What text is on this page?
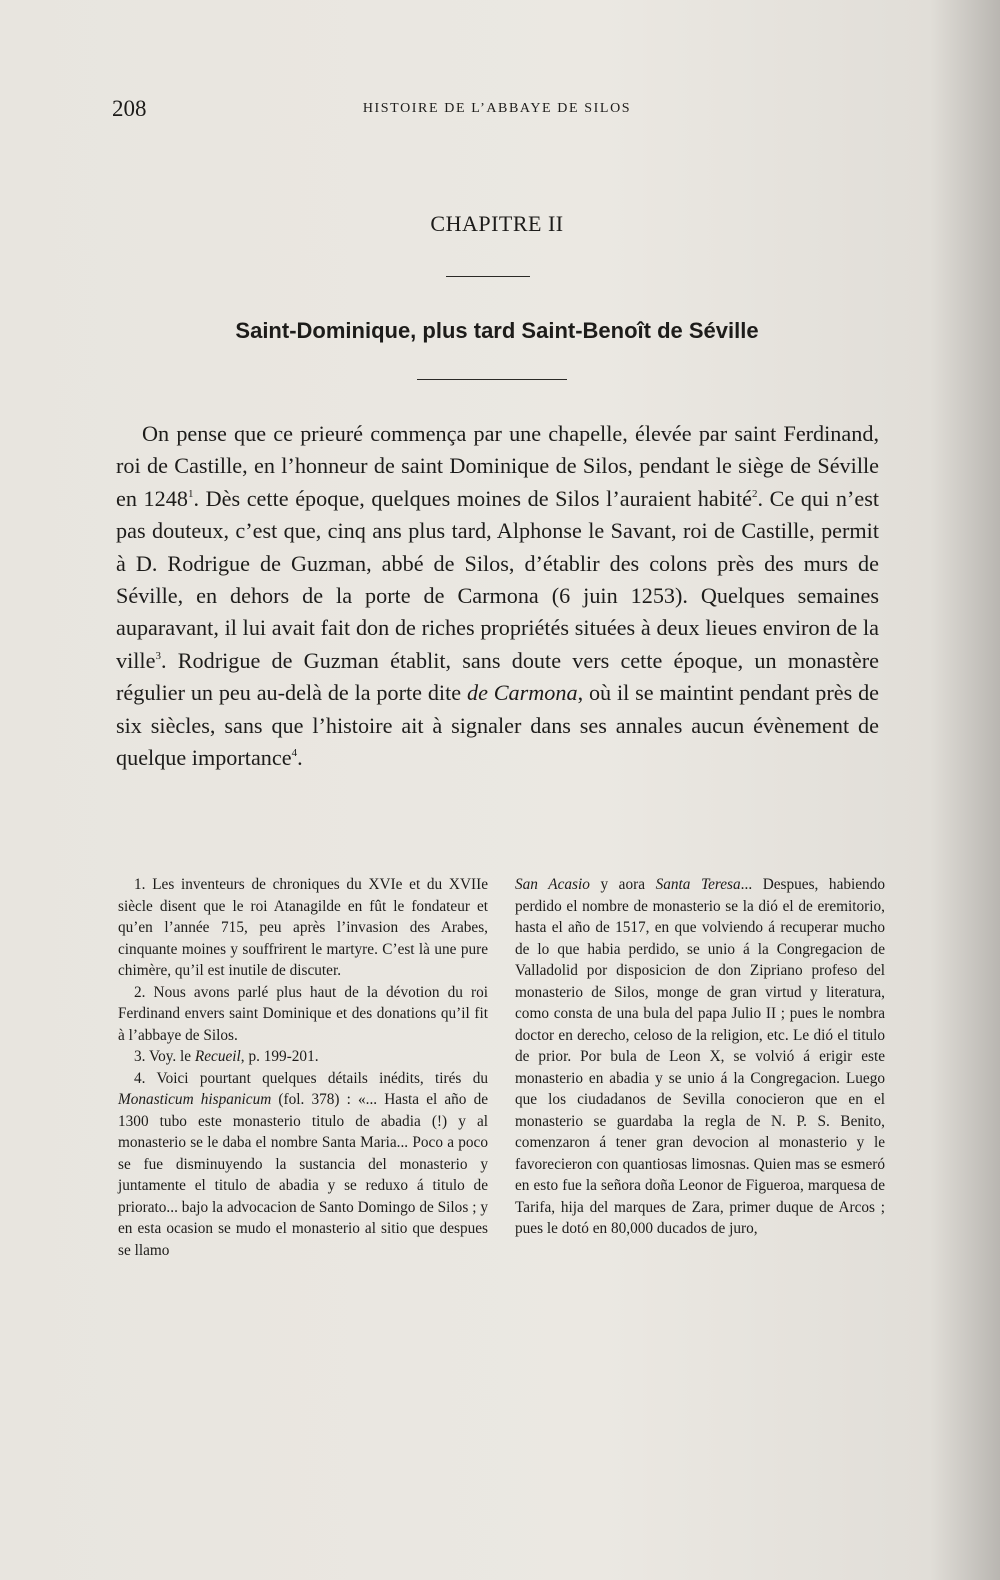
208	HISTOIRE DE L’ABBAYE DE SILOS
CHAPITRE II
Saint-Dominique, plus tard Saint-Benoît de Séville

On pense que ce prieuré commença par une chapelle, élevée par saint Ferdinand, roi de Castille, en l’honneur de saint Dominique de Silos, pendant le siège de Séville en 1248$^1$. Dès cette époque, quelques moines de Silos l’auraient habité$^2$. Ce qui n’est pas douteux, c’est que, cinq ans plus tard, Alphonse le Savant, roi de Castille, permit à D. Rodrigue de Guzman, abbé de Silos, d’établir des colons près des murs de Séville, en dehors de la porte de Carmona (6 juin 1253). Quelques semaines auparavant, il lui avait fait don de riches propriétés situées à deux lieues environ de la ville$^3$. Rodrigue de Guzman établit, sans doute vers cette époque, un monastère régulier un peu au-delà de la porte dite de Carmona, où il se maintint pendant près de six siècles, sans que l’histoire ait à signaler dans ses annales aucun évènement de quelque importance$^4$.

1. Les inventeurs de chroniques du XVIe et du XVIIe siècle disent que le roi Atanagilde en fût le fondateur et qu’en l’année 715, peu après l’invasion des Arabes, cinquante moines y souffrirent le martyre. C’est là une pure chimère, qu’il est inutile de discuter.

2. Nous avons parlé plus haut de la dévotion du roi Ferdinand envers saint Dominique et des donations qu’il fit à l’abbaye de Silos.

3. Voy. le Recueil, p. 199-201.

4. Voici pourtant quelques détails inédits, tirés du Monasticum hispanicum (fol. 378) : «... Hasta el año de 1300 tubo este monasterio titulo de abadia (!) y al monasterio se le daba el nombre Santa Maria... Poco a poco se fue disminuyendo la sustancia del monasterio y juntamente el titulo de abadia y se reduxo á titulo de priorato... bajo la advocacion de Santo Domingo de Silos ; y en esta ocasion se mudo el monasterio al sitio que despues se llamo

San Acasio y aora Santa Teresa... Despues, habiendo perdido el nombre de monasterio se la dió el de eremitorio, hasta el año de 1517, en que volviendo á recuperar mucho de lo que habia perdido, se unio á la Congregacion de Valladolid por disposicion de don Zipriano profeso del monasterio de Silos, monge de gran virtud y literatura, como consta de una bula del papa Julio II ; pues le nombra doctor en derecho, celoso de la religion, etc. Le dió el titulo de prior. Por bula de Leon X, se volvió á erigir este monasterio en abadia y se unio á la Congregacion. Luego que los ciudadanos de Sevilla conocieron que en el monasterio se guardaba la regla de N. P. S. Benito, comenzaron á tener gran devocion al monasterio y le favorecieron con quantiosas limosnas. Quien mas se esmeró en esto fue la señora doña Leonor de Figueroa, marquesa de Tarifa, hija del marques de Zara, primer duque de Arcos ; pues le dotó en 80,000 ducados de juro,
